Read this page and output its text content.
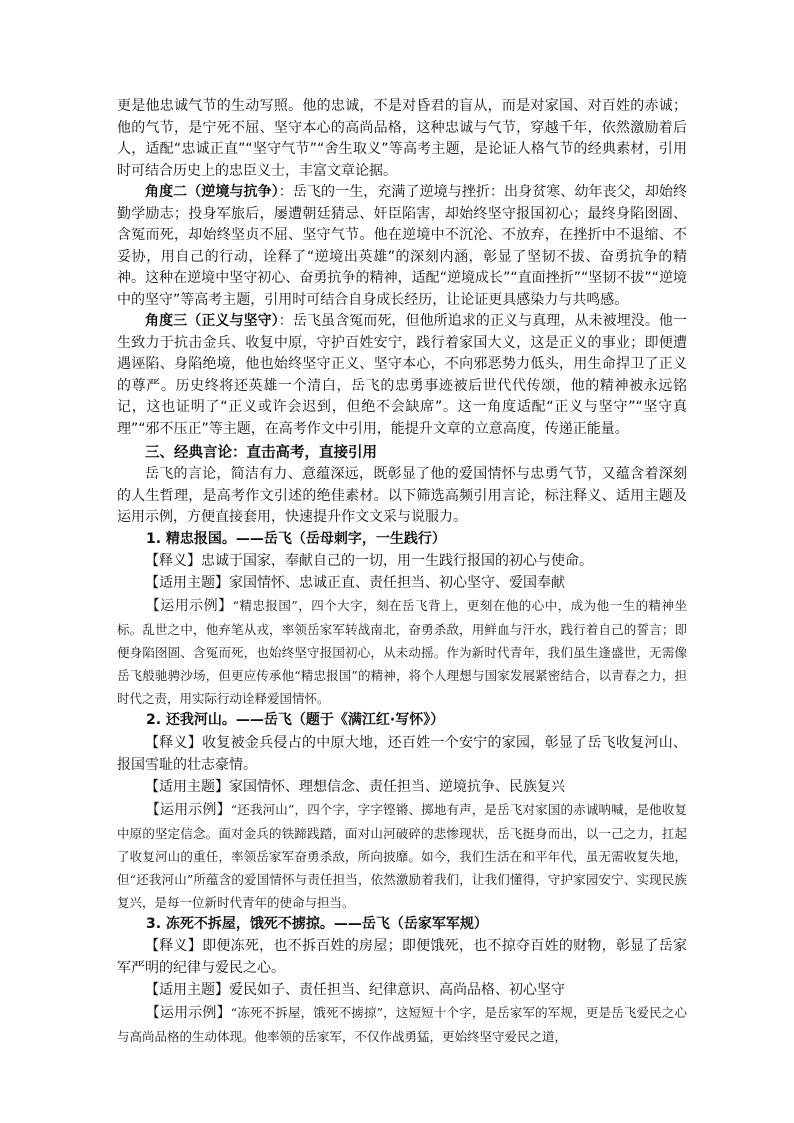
更是他忠诚气节的生动写照。他的忠诚，不是对昏君的盲从，而是对家国、对百姓的赤诚；他的气节，是宁死不屈、坚守本心的高尚品格，这种忠诚与气节，穿越千年，依然激励着后人，适配“忠诚正直”“坚守气节”“舍生取义”等高考主题，是论证人格气节的经典素材，引用时可结合历史上的忠臣义士，丰富文章论据。

角度二（逆境与抗争）：岳飞的一生，充满了逆境与挫折：出身贫寒、幼年丧父，却始终勤学励志；投身军旅后，屡遭朝廷猜忌、奸臣陷害，却始终坚守报国初心；最终身陷囹圄、含冤而死，却始终坚贞不屈、坚守气节。他在逆境中不沉沦、不放弃，在挫折中不退缩、不妥协，用自己的行动，诠释了“逆境出英雄”的深刻内涵，彰显了坚韧不拔、奋勇抗争的精神。这种在逆境中坚守初心、奋勇抗争的精神，适配“逆境成长”“直面挫折”“坚韧不拔”“逆境中的坚守”等高考主题，引用时可结合自身成长经历，让论证更具感染力与共鸣感。

角度三（正义与坚守）：岳飞虽含冤而死，但他所追求的正义与真理，从未被埋没。他一生致力于抗击金兵、收复中原，守护百姓安宁，践行着家国大义，这是正义的事业；即便遭遇诬陷、身陷绝境，他也始终坚守正义、坚守本心，不向邪恶势力低头，用生命捍卫了正义的尊严。历史终将还英雄一个清白，岳飞的忠勇事迹被后世代代传颂，他的精神被永远铭记，这也证明了“正义或许会迟到，但绝不会缺席”。这一角度适配“正义与坚守”“坚守真理”“邪不压正”等主题，在高考作文中引用，能提升文章的立意高度，传递正能量。

三、经典言论：直击高考，直接引用

岳飞的言论，简洁有力、意蕴深远，既彰显了他的爱国情怀与忠勇气节，又蕴含着深刻的人生哲理，是高考作文引述的绝佳素材。以下筛选高频引用言论，标注释义、适用主题及运用示例，方便直接套用，快速提升作文文采与说服力。

1. 精忠报国。——岳飞（岳母刺字，一生践行）

【释义】忠诚于国家，奉献自己的一切，用一生践行报国的初心与使命。

【适用主题】家国情怀、忠诚正直、责任担当、初心坚守、爱国奉献

【运用示例】“精忠报国”，四个大字，刻在岳飞背上，更刻在他的心中，成为他一生的精神坐标。乱世之中，他弃笔从戎，率领岳家军转战南北，奋勇杀敌，用鲜血与汗水，践行着自己的誓言；即便身陷囹圄、含冤而死，也始终坚守报国初心，从未动摇。作为新时代青年，我们虽生逢盛世，无需像岳飞般驰骋沙场，但更应传承他“精忠报国”的精神，将个人理想与国家发展紧密结合，以青春之力，担时代之责，用实际行动诠释爱国情怀。

2. 还我河山。——岳飞（题于《满江红·写怀》）

【释义】收复被金兵侵占的中原大地，还百姓一个安宁的家园，彰显了岳飞收复河山、报国雪耻的壮志豪情。

【适用主题】家国情怀、理想信念、责任担当、逆境抗争、民族复兴

【运用示例】“还我河山”，四个字，字字铿锵、掷地有声，是岳飞对家国的赤诚呐喊，是他收复中原的坚定信念。面对金兵的铁蹄践踏，面对山河破碎的悲惨现状，岳飞挺身而出，以一己之力，扛起了收复河山的重任，率领岳家军奋勇杀敌，所向披靡。如今，我们生活在和平年代，虽无需收复失地，但“还我河山”所蕴含的爱国情怀与责任担当，依然激励着我们，让我们懂得，守护家园安宁、实现民族复兴，是每一位新时代青年的使命与担当。

3. 冻死不拆屋，饿死不掳掠。——岳飞（岳家军军规）

【释义】即便冻死，也不拆百姓的房屋；即便饿死，也不掠夺百姓的财物，彰显了岳家军严明的纪律与爱民之心。

【适用主题】爱民如子、责任担当、纪律意识、高尚品格、初心坚守

【运用示例】“冻死不拆屋，饿死不掳掠”，这短短十个字，是岳家军的军规，更是岳飞爱民之心与高尚品格的生动体现。他率领的岳家军，不仅作战勇猛，更始终坚守爱民之道，
